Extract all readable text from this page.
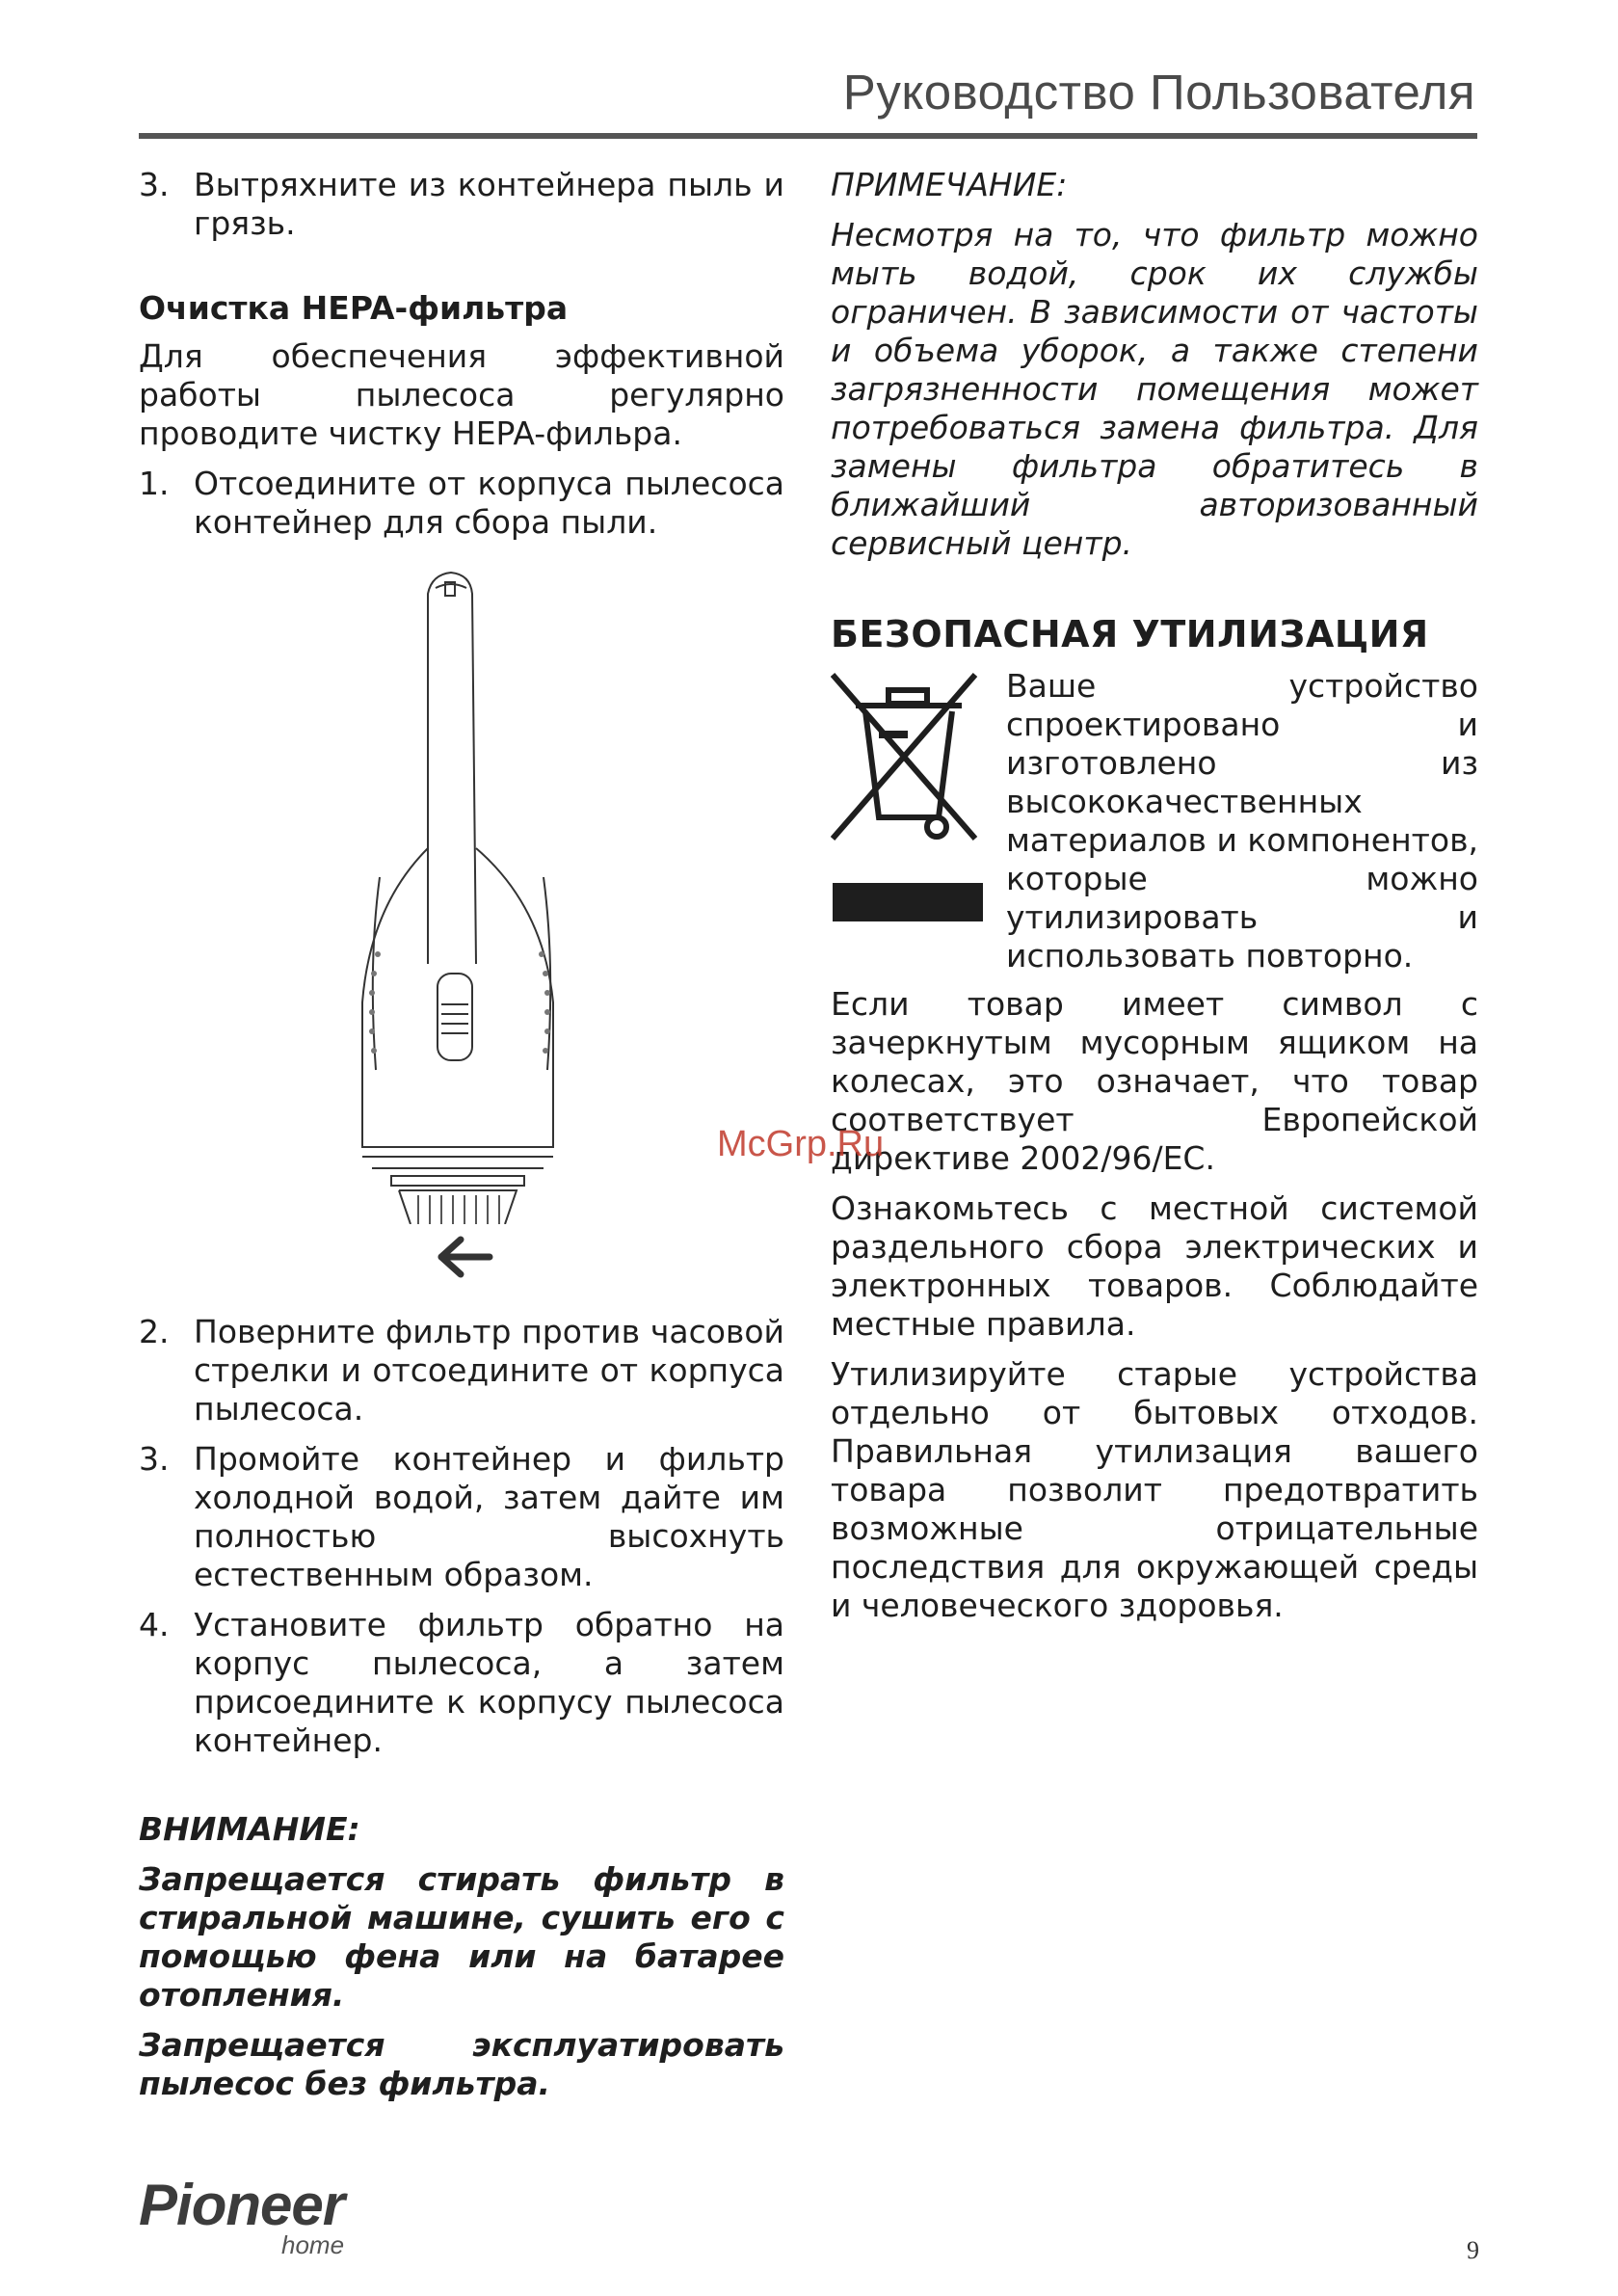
Руководство Пользователя
3. Вытряхните из контейнера пыль и грязь.
Очистка HEPA-фильтра

Для обеспечения эффективной работы пылесоса регулярно проводите чистку HEPA-фильра.

1. Отсоедините от корпуса пылесоса контейнер для сбора пыли.
2. Поверните фильтр против часовой стрелки и отсоедините от корпуса пылесоса.
3. Промойте контейнер и фильтр холодной водой, затем дайте им полностью высохнуть естественным образом.
4. Установите фильтр обратно на корпус пылесоса, а затем присоедините к корпусу пылесоса контейнер.
ВНИМАНИЕ:

Запрещается стирать фильтр в стиральной машине, сушить его с помощью фена или на батарее отопления.

Запрещается эксплуатировать пылесос без фильтра.

ПРИМЕЧАНИЕ:

Несмотря на то, что фильтр можно мыть водой, срок их службы ограничен. В зависимости от частоты и объема уборок, а также степени загрязненности помещения может потребоваться замена фильтра. Для замены фильтра обратитесь в ближайший авторизованный сервисный центр.

БЕЗОПАСНАЯ УТИЛИЗАЦИЯ

Ваше устройство спроектировано и изготовлено из высококачественных материалов и компонентов, которые можно утилизировать и использовать повторно.

Если товар имеет символ с зачеркнутым мусорным ящиком на колесах, это означает, что товар соответствует Европейской директиве 2002/96/EC.

Ознакомьтесь с местной системой раздельного сбора электрических и электронных товаров. Соблюдайте местные правила.

Утилизируйте старые устройства отдельно от бытовых отходов. Правильная утилизация вашего товара позволит предотвратить возможные отрицательные последствия для окружающей среды и человеческого здоровья.

McGrp.Ru
Pioneer
home	9
